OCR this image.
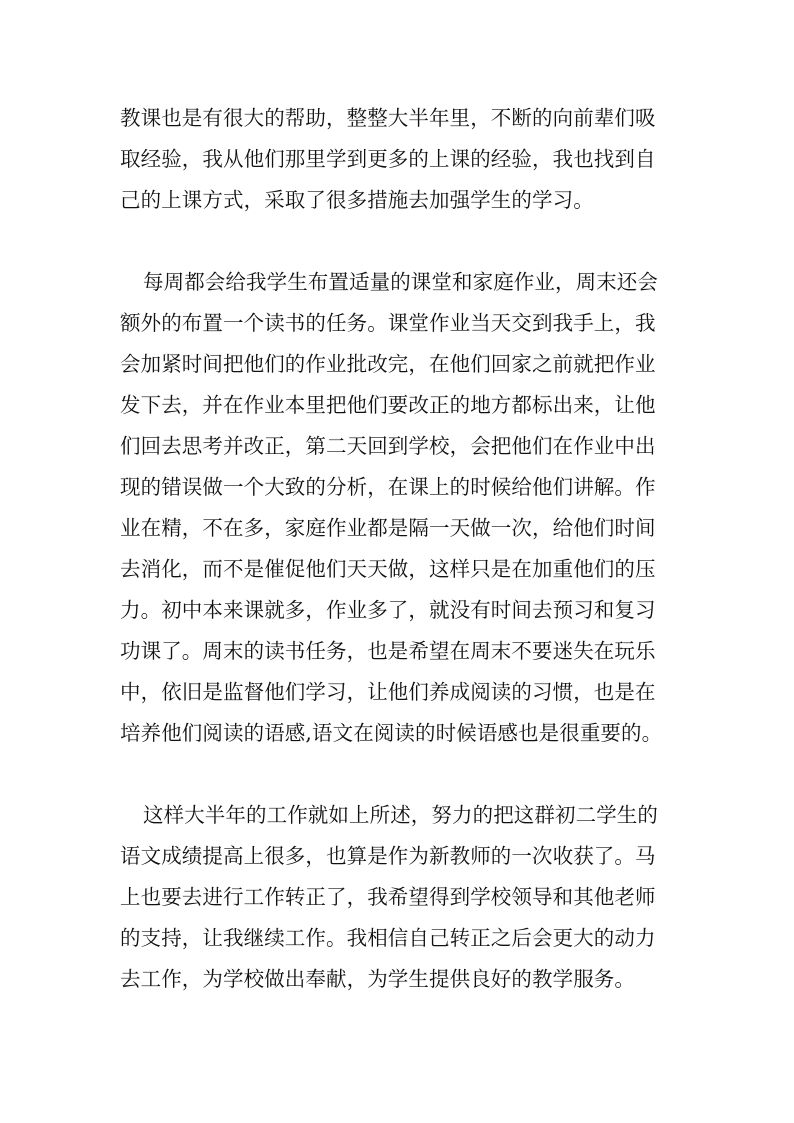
教课也是有很大的帮助，整整大半年里，不断的向前辈们吸
取经验，我从他们那里学到更多的上课的经验，我也找到自
己的上课方式，采取了很多措施去加强学生的学习。
每周都会给我学生布置适量的课堂和家庭作业，周末还会
额外的布置一个读书的任务。课堂作业当天交到我手上，我
会加紧时间把他们的作业批改完，在他们回家之前就把作业
发下去，并在作业本里把他们要改正的地方都标出来，让他
们回去思考并改正，第二天回到学校，会把他们在作业中出
现的错误做一个大致的分析，在课上的时候给他们讲解。作
业在精，不在多，家庭作业都是隔一天做一次，给他们时间
去消化，而不是催促他们天天做，这样只是在加重他们的压
力。初中本来课就多，作业多了，就没有时间去预习和复习
功课了。周末的读书任务，也是希望在周末不要迷失在玩乐
中，依旧是监督他们学习，让他们养成阅读的习惯，也是在
培养他们阅读的语感,语文在阅读的时候语感也是很重要的。
这样大半年的工作就如上所述，努力的把这群初二学生的
语文成绩提高上很多，也算是作为新教师的一次收获了。马
上也要去进行工作转正了，我希望得到学校领导和其他老师
的支持，让我继续工作。我相信自己转正之后会更大的动力
去工作，为学校做出奉献，为学生提供良好的教学服务。
